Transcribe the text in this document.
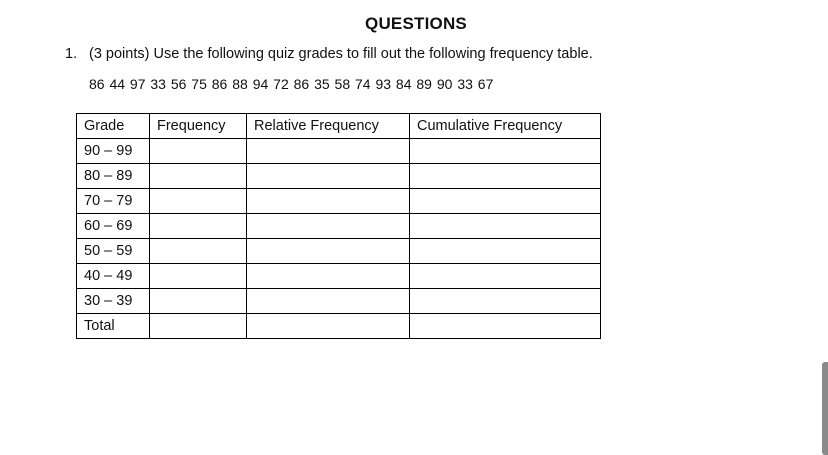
QUESTIONS
1. (3 points) Use the following quiz grades to fill out the following frequency table.
86 44 97 33 56 75 86 88 94 72 86 35 58 74 93 84 89 90 33 67
Grade	Frequency	Relative Frequency	Cumulative Frequency
90 – 99			
80 – 89			
70 – 79			
60 – 69			
50 – 59			
40 – 49			
30 – 39			
Total			
